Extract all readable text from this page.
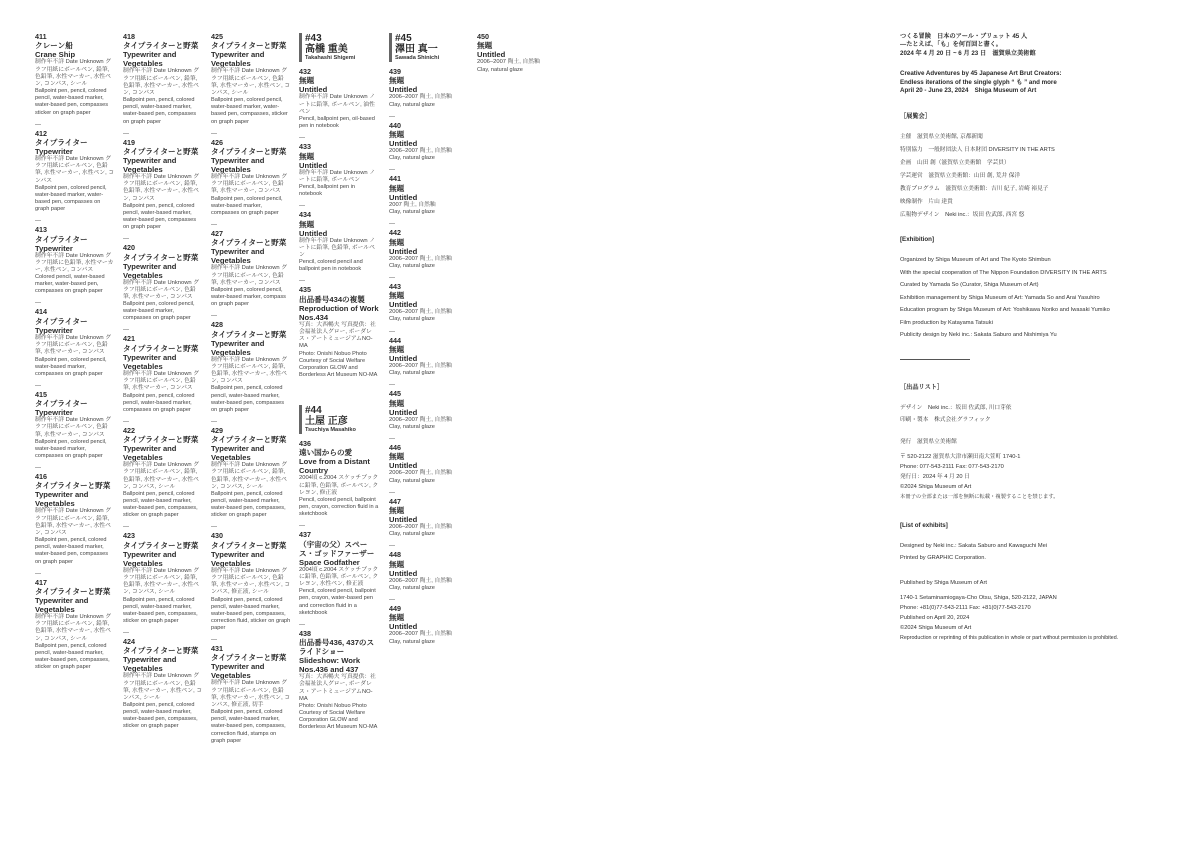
411
クレーン船
Crane Ship
制作年不詳 Date Unknown グラフ用紙にボールペン, 鉛筆, 色鉛筆, 水性マーカー, 水性ペン, コンパス, シール
Ballpoint pen, pencil, colored pencil, water-based marker, water-based pen, compasses sticker on graph paper
—
412
タイプライター
Typewriter
制作年不詳 Date Unknown グラフ用紙にボールペン, 色鉛筆, 水性マーカー, 水性ペン, コンパス
Ballpoint pen, colored pencil, water-based marker, water-based pen, compasses on graph paper
—
413
タイプライター
Typewriter
制作年不詳 Date Unknown グラフ用紙に色鉛筆, 水性マーカー, 水性ペン, コンパス
Colored pencil, water-based marker, water-based pen, compasses on graph paper
—
414
タイプライター
Typewriter
制作年不詳 Date Unknown グラフ用紙にボールペン, 色鉛筆, 水性マーカー, コンパス
Ballpoint pen, colored pencil, water-based marker, compasses on graph paper
—
415
タイプライター
Typewriter
制作年不詳 Date Unknown グラフ用紙にボールペン, 色鉛筆, 水性マーカー, コンパス
Ballpoint pen, colored pencil, water-based marker, compasses on graph paper
—
416
タイプライターと野菜
Typewriter and Vegetables
制作年不詳 Date Unknown グラフ用紙にボールペン, 鉛筆, 色鉛筆, 水性マーカー, 水性ペン, コンパス
Ballpoint pen, pencil, colored pencil, water-based marker, water-based pen, compasses on graph paper
—
417
タイプライターと野菜
Typewriter and Vegetables
制作年不詳 Date Unknown グラフ用紙にボールペン, 鉛筆, 色鉛筆, 水性マーカー, 水性ペン, コンパス, シール
Ballpoint pen, pencil, colored pencil, water-based marker, water-based pen, compasses, sticker on graph paper
418
タイプライターと野菜
Typewriter and Vegetables
制作年不詳 Date Unknown グラフ用紙にボールペン, 鉛筆, 色鉛筆, 水性マーカー, 水性ペン, コンパス
Ballpoint pen, pencil, colored pencil, water-based marker, water-based pen, compasses on graph paper
—
419
タイプライターと野菜
Typewriter and Vegetables
制作年不詳 Date Unknown グラフ用紙にボールペン, 鉛筆, 色鉛筆, 水性マーカー, 水性ペン, コンパス
Ballpoint pen, pencil, colored pencil, water-based marker, water-based pen, compasses on graph paper
—
420
タイプライターと野菜
Typewriter and Vegetables
制作年不詳 Date Unknown グラフ用紙にボールペン, 色鉛筆, 水性マーカー, コンパス
Ballpoint pen, colored pencil, water-based marker, compasses on graph paper
—
421
タイプライターと野菜
Typewriter and Vegetables
制作年不詳 Date Unknown グラフ用紙にボールペン, 色鉛筆, 水性マーカー, コンパス
Ballpoint pen, pencil, colored pencil, water-based marker, compasses on graph paper
—
422
タイプライターと野菜
Typewriter and Vegetables
制作年不詳 Date Unknown グラフ用紙にボールペン, 鉛筆, 色鉛筆, 水性マーカー, 水性ペン, コンパス, シール
Ballpoint pen, pencil, colored pencil, water-based marker, water-based pen, compasses, sticker on graph paper
—
423
タイプライターと野菜
Typewriter and Vegetables
制作年不詳 Date Unknown グラフ用紙にボールペン, 鉛筆, 色鉛筆, 水性マーカー, 水性ペン, コンパス, シール
Ballpoint pen, pencil, colored pencil, water-based marker, water-based pen, compasses, sticker on graph paper
—
424
タイプライターと野菜
Typewriter and Vegetables
制作年不詳 Date Unknown グラフ用紙にボールペン, 色鉛筆, 水性マーカー, 水性ペン, コンパス, シール
Ballpoint pen, pencil, colored pencil, water-based marker, water-based pen, compasses, sticker on graph paper
425
タイプライターと野菜
Typewriter and Vegetables
制作年不詳 Date Unknown グラフ用紙にボールペン, 色鉛筆, 水性マーカー, 水性ペン, コンパス, シール
Ballpoint pen, colored pencil, water-based marker, water-based pen, compasses, sticker on graph paper
—
426
タイプライターと野菜
Typewriter and Vegetables
制作年不詳 Date Unknown グラフ用紙にボールペン, 色鉛筆, 水性マーカー, コンパス
Ballpoint pen, colored pencil, water-based marker, compasses on graph paper
—
427
タイプライターと野菜
Typewriter and Vegetables
制作年不詳 Date Unknown グラフ用紙にボールペン, 色鉛筆, 水性マーカー, コンパス
Ballpoint pen, colored pencil, water-based marker, compass on graph paper
—
428
タイプライターと野菜
Typewriter and Vegetables
制作年不詳 Date Unknown グラフ用紙にボールペン, 鉛筆, 色鉛筆, 水性マーカー, 水性ペン, コンパス
Ballpoint pen, pencil, colored pencil, water-based marker, water-based pen, compasses on graph paper
—
429
タイプライターと野菜
Typewriter and Vegetables
制作年不詳 Date Unknown グラフ用紙にボールペン, 鉛筆, 色鉛筆, 水性マーカー, 水性ペン, コンパス, シール
Ballpoint pen, pencil, colored pencil, water-based marker, water-based pen, compasses, sticker on graph paper
—
430
タイプライターと野菜
Typewriter and Vegetables
制作年不詳 Date Unknown グラフ用紙にボールペン, 色鉛筆, 水性マーカー, 水性ペン, コンパス, 修正液, シール
Ballpoint pen, pencil, colored pencil, water-based marker, water-based pen, compasses, correction fluid, sticker on graph paper
—
431
タイプライターと野菜
Typewriter and Vegetables
制作年不詳 Date Unknown グラフ用紙にボールペン, 色鉛筆, 水性マーカー, 水性ペン, コンパス, 修正液, 切手
Ballpoint pen, pencil, colored pencil, water-based marker, water-based pen, compasses, correction fluid, stamps on graph paper
#43
高橋 重美
Takahashi Shigemi
432
無題
Untitled
制作年不詳 Date Unknown ノートに鉛筆, ボールペン, 油性ペン
Pencil, ballpoint pen, oil-based pen in notebook
—
433
無題
Untitled
制作年不詳 Date Unknown ノートに鉛筆, ボールペン
Pencil, ballpoint pen in notebook
—
434
無題
Untitled
制作年不詳 Date Unknown ノートに鉛筆, 色鉛筆, ボールペン
Pencil, colored pencil and ballpoint pen in notebook
—
435
出品番号434の複製
Reproduction of Work Nos.434
写真：大西暢夫 写真提供：社会福祉法人グロー, ボーダレス・アートミュージアムNO-MA
Photo: Onishi Nobuo Photo Courtesy of Social Welfare Corporation GLOW and Borderless Art Museum NO-MA
#44
土屋 正彦
Tsuchiya Masahiko
436
遠い国からの愛
Love from a Distant Country
2004頃 c.2004 スケッチブックに鉛筆, 色鉛筆, ボールペン, クレヨン, 修正液
Pencil, colored pencil, ballpoint pen, crayon, correction fluid in a sketchbook
—
437
（宇宙の父）スペース・ゴッドファーザー
Space Godfather
2004頃 c.2004 スケッチブックに鉛筆, 色鉛筆, ボールペン, クレヨン, 水性ペン, 修正液
Pencil, colored pencil, ballpoint pen, crayon, water-based pen and correction fluid in a sketchbook
—
438
出品番号436, 437のスライドショー
Slideshow: Work Nos.436 and 437
写真：大西暢夫 写真提供：社会福祉法人グロー, ボーダレス・アートミュージアムNO-MA
Photo: Onishi Nobuo Photo Courtesy of Social Welfare Corporation GLOW and Borderless Art Museum NO-MA
#45
澤田 真一
Sawada Shinichi
439
無題
Untitled
2006–2007 陶土, 自然釉
Clay, natural glaze
—
440
無題
Untitled
2006–2007 陶土, 自然釉
Clay, natural glaze
—
441
無題
Untitled
2007 陶土, 自然釉
Clay, natural glaze
—
442
無題
Untitled
2006–2007 陶土, 自然釉
Clay, natural glaze
—
443
無題
Untitled
2006–2007 陶土, 自然釉
Clay, natural glaze
—
444
無題
Untitled
2006–2007 陶土, 自然釉
Clay, natural glaze
—
445
無題
Untitled
2006–2007 陶土, 自然釉
Clay, natural glaze
—
446
無題
Untitled
2006–2007 陶土, 自然釉
Clay, natural glaze
—
447
無題
Untitled
2006–2007 陶土, 自然釉
Clay, natural glaze
—
448
無題
Untitled
2006–2007 陶土, 自然釉
Clay, natural glaze
—
449
無題
Untitled
2006–2007 陶土, 自然釉
Clay, natural glaze
450
無題
Untitled
2006–2007 陶土, 自然釉
Clay, natural glaze
つくる冒険　日本のアール・ブリュット 45 人
—たとえば、「も」を何百回と書く。
2024 年 4 月 20 日 ~ 6 月 23 日　滋賀県立美術館
Creative Adventures by 45 Japanese Art Brut Creators:
Endless iterations of the single glyph “ も ” and more
April 20 - June 23, 2024　Shiga Museum of Art
［展覧会］
主催　滋賀県立美術館, 京都新聞
特別協力　一般財団法人 日本財団 DIVERSITY IN THE ARTS
企画　山田 創（滋賀県立美術館　学芸員）
学芸運営　滋賀県立美術館：山田 創, 荒井 保洋
教育プログラム　滋賀県立美術館：吉川 紀子, 岩崎 裕見子
映像制作　片山 達貴
広報物デザイン　Neki inc.：坂田 佐武郎, 西宮 悠
[Exhibition]
Organized by Shiga Museum of Art and The Kyoto Shimbun
With the special cooperation of The Nippon Foundation DIVERSITY IN THE ARTS
Curated by Yamada So (Curator, Shiga Museum of Art)
Exhibition management by Shiga Museum of Art: Yamada So and Arai Yasuhiro
Education program by Shiga Museum of Art: Yoshikawa Noriko and Iwasaki Yumiko
Film production by Katayama Tatsuki
Publicity design by Neki inc.: Sakata Saburo and Nishimiya Yu
［出品リスト］
デザイン　Neki inc.：坂田 佐武郎, 川口芽依
印刷・製本　株式会社グラフィック
発行　滋賀県立美術館
〒 520-2122 滋賀県大津市瀬田南大萱町 1740-1
Phone: 077-543-2111 Fax: 077-543-2170
発行日：2024 年 4 月 20 日
©2024 Shiga Museum of Art
本冊子の全部または一部を無断に転載・複製することを禁じます。
[List of exhibits]
Designed by Neki inc.: Sakata Saburo and Kawaguchi Mei
Printed by GRAPHIC Corporation.
Published by Shiga Museum of Art
1740-1 Setaminamiogaya-Cho Otsu, Shiga, 520-2122, JAPAN
Phone: +81(0)77-543-2111 Fax: +81(0)77-543-2170
Published on April 20, 2024
©2024 Shiga Museum of Art
Reproduction or reprinting of this publication in whole or part without permission is prohibited.
